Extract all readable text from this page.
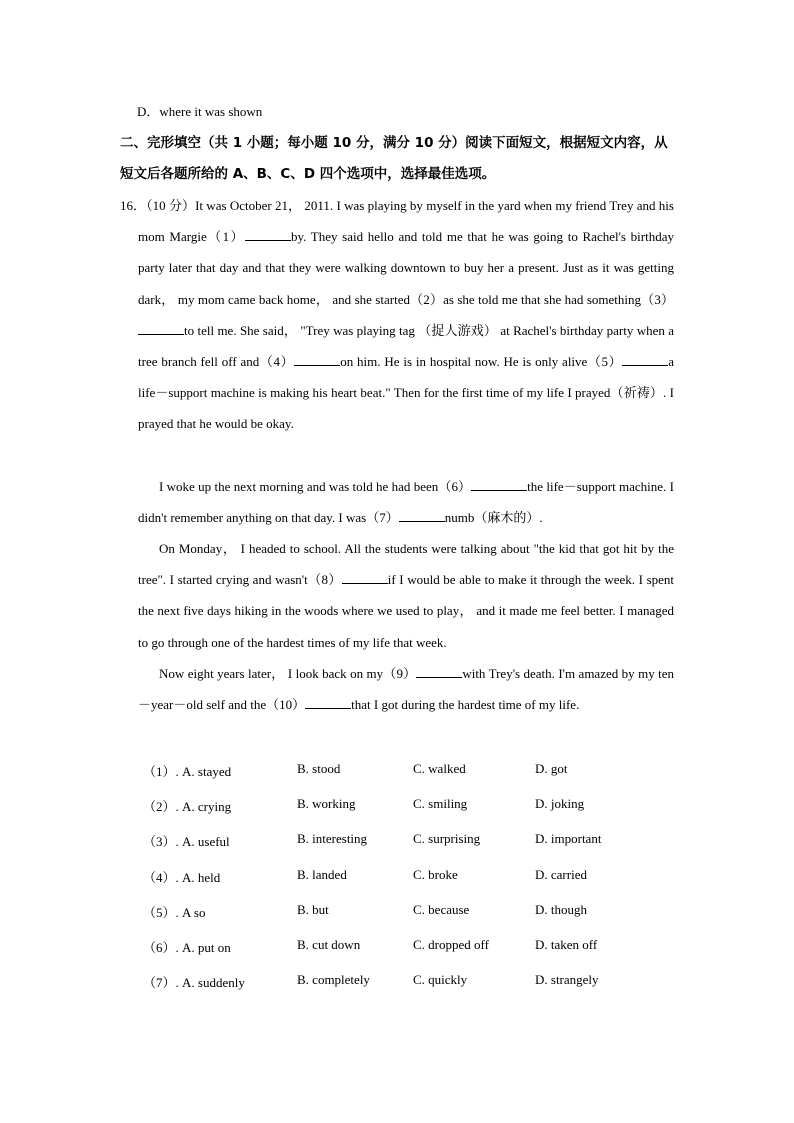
D．where it was shown
二、完形填空（共 1 小题；每小题 10 分，满分 10 分）阅读下面短文，根据短文内容，从短文后各题所给的 A、B、C、D 四个选项中，选择最佳选项。
16．（10 分）It was October 21， 2011. I was playing by myself in the yard when my friend Trey and his mom Margie（1）	by. They said hello and told me that he was going to Rachel's birthday party later that day and that they were walking downtown to buy her a present. Just as it was getting dark， my mom came back home， and she started（2）as she told me that she had something（3）to tell me. She said， "Trey was playing tag （捉人游戏） at Rachel's birthday party when a tree branch fell off and（4）	on him. He is in hospital now. He is only alive（5）	a life－support machine is making his heart beat." Then for the first time of my life I prayed（祈祷）. I prayed that he would be okay.
I woke up the next morning and was told he had been（6）	the life－support machine. I didn't remember anything on that day. I was（7）	numb（麻木的）.
On Monday， I headed to school. All the students were talking about "the kid that got hit by the tree". I started crying and wasn't（8）	if I would be able to make it through the week. I spent the next five days hiking in the woods where we used to play， and it made me feel better. I managed to go through one of the hardest times of my life that week.
Now eight years later， I look back on my（9）	with Trey's death. I'm amazed by my ten－year－old self and the（10）	that I got during the hardest time of my life.
（1）. A. stayed	B. stood	C. walked	D. got
（2）. A. crying	B. working	C. smiling	D. joking
（3）. A. useful	B. interesting	C. surprising	D. important
（4）. A. held	B. landed	C. broke	D. carried
（5）. A so	B. but	C. because	D. though
（6）. A. put on	B. cut down	C. dropped off	D. taken off
（7）. A. suddenly	B. completely	C. quickly	D. strangely
